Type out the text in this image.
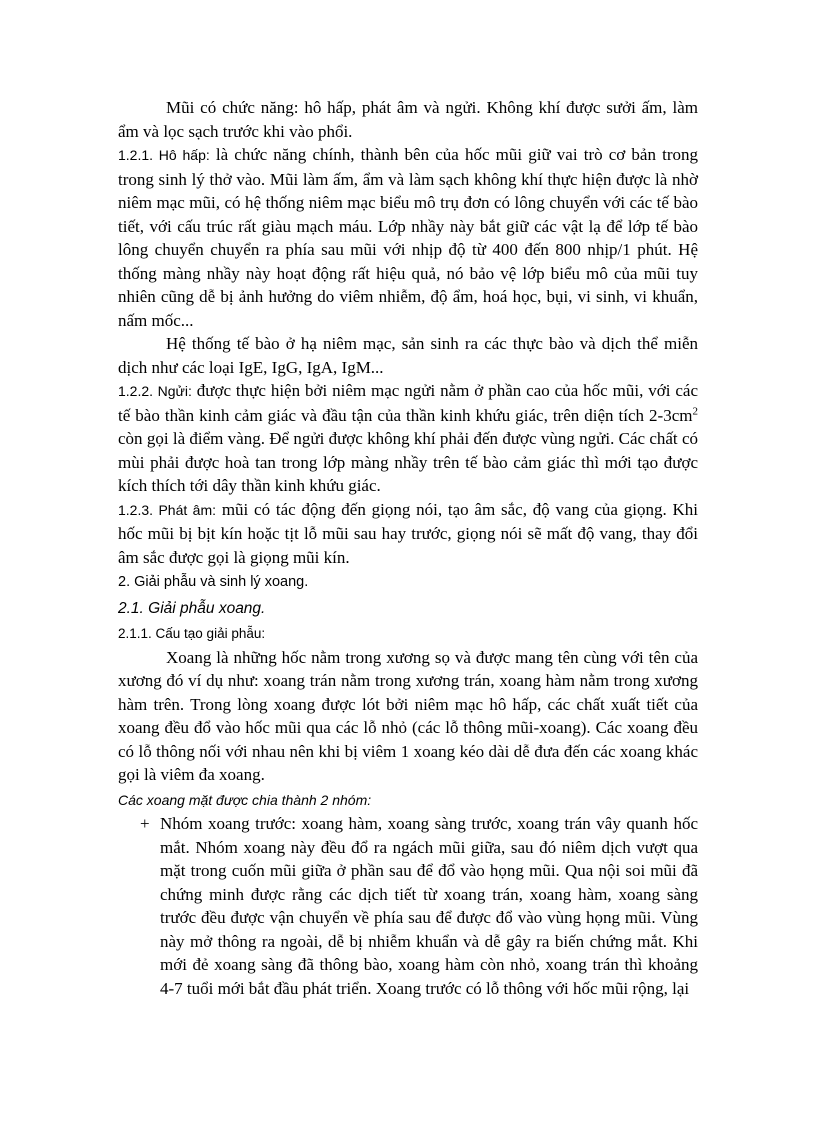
Mũi có chức năng: hô hấp, phát âm và ngửi. Không khí được sưởi ấm, làm ẩm và lọc sạch trước khi vào phổi.

1.2.1. Hô hấp: là chức năng chính, thành bên của hốc mũi giữ vai trò cơ bản trong trong sinh lý thở vào. Mũi làm ấm, ẩm và làm sạch không khí thực hiện được là nhờ niêm mạc mũi, có hệ thống niêm mạc biểu mô trụ đơn có lông chuyển với các tế bào tiết, với cấu trúc rất giàu mạch máu. Lớp nhầy này bắt giữ các vật lạ để lớp tế bào lông chuyển chuyển ra phía sau mũi với nhịp độ từ 400 đến 800 nhịp/1 phút. Hệ thống màng nhầy này hoạt động rất hiệu quả, nó bảo vệ lớp biểu mô của mũi tuy nhiên cũng dễ bị ảnh hưởng do viêm nhiễm, độ ẩm, hoá học, bụi, vi sinh, vi khuẩn, nấm mốc...

Hệ thống tế bào ở hạ niêm mạc, sản sinh ra các thực bào và dịch thể miễn dịch như các loại IgE, IgG, IgA, IgM...

1.2.2. Ngửi: được thực hiện bởi niêm mạc ngửi nằm ở phần cao của hốc mũi, với các tế bào thần kinh cảm giác và đầu tận của thần kinh khứu giác, trên diện tích $2-3cm^2$ còn gọi là điểm vàng. Để ngửi được không khí phải đến được vùng ngửi. Các chất có mùi phải được hoà tan trong lớp màng nhầy trên tế bào cảm giác thì mới tạo được kích thích tới dây thần kinh khứu giác.

1.2.3. Phát âm: mũi có tác động đến giọng nói, tạo âm sắc, độ vang của giọng. Khi hốc mũi bị bịt kín hoặc tịt lỗ mũi sau hay trước, giọng nói sẽ mất độ vang, thay đổi âm sắc được gọi là giọng mũi kín.

2. Giải phẫu và sinh lý xoang.

2.1. Giải phẫu xoang.

2.1.1. Cấu tạo giải phẫu:

Xoang là những hốc nằm trong xương sọ và được mang tên cùng với tên của xương đó ví dụ như: xoang trán nằm trong xương trán, xoang hàm nằm trong xương hàm trên. Trong lòng xoang được lót bởi niêm mạc hô hấp, các chất xuất tiết của xoang đều đổ vào hốc mũi qua các lỗ nhỏ (các lỗ thông mũi-xoang). Các xoang đều có lỗ thông nối với nhau nên khi bị viêm 1 xoang kéo dài dễ đưa đến các xoang khác gọi là viêm đa xoang.

Các xoang mặt được chia thành 2 nhóm:

+ Nhóm xoang trước: xoang hàm, xoang sàng trước, xoang trán vây quanh hốc mắt. Nhóm xoang này đều đổ ra ngách mũi giữa, sau đó niêm dịch vượt qua mặt trong cuốn mũi giữa ở phần sau để đổ vào họng mũi. Qua nội soi mũi đã chứng minh được rằng các dịch tiết từ xoang trán, xoang hàm, xoang sàng trước đều được vận chuyển về phía sau để được đổ vào vùng họng mũi. Vùng này mở thông ra ngoài, dễ bị nhiễm khuẩn và dễ gây ra biến chứng mắt. Khi mới đẻ xoang sàng đã thông bào, xoang hàm còn nhỏ, xoang trán thì khoảng 4-7 tuổi mới bắt đầu phát triển. Xoang trước có lỗ thông với hốc mũi rộng, lại
